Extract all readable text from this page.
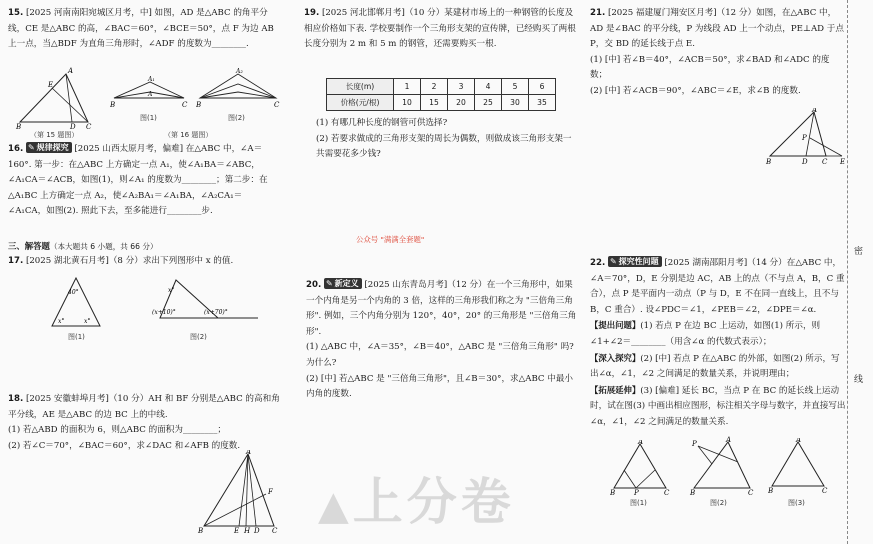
15. [2025 河南南阳宛城区月考，中] 如图，AD 是△ABC 的角平分线，CE 是△ABC 的高，∠BAC＝60°，∠BCE＝50°，点 F 为边 AB 上一点，当△BDF 为直角三角形时，∠ADF 的度数为________.
B
A
E
D C
（第 15 题图）
B
A₁
A
C
图(1)
B
A₂
C
图(2)
（第 16 题图）
16. ✎ 规律探究 [2025 山西太原月考，偏难] 在△ABC 中，∠A＝160°. 第一步：在△ABC 上方确定一点 A₁，使∠A₁BA＝∠ABC，∠A₁CA＝∠ACB，如图(1)，则∠A₁ 的度数为________；第二步：在△A₁BC 上方确定一点 A₂，使∠A₂BA₁＝∠A₁BA，∠A₂CA₁＝∠A₁CA，如图(2). 照此下去，至多能进行________步.
三、解答题（本大题共 6 小题，共 66 分）
17. [2025 湖北黄石月考]（8 分）求出下列图形中 x 的值.
40°
x°	x°
图(1)
x°
(x+10)°	(x+70)°
图(2)
18. [2025 安徽蚌埠月考]（10 分）AH 和 BF 分别是△ABC 的高和角平分线，AE 是△ABC 的边 BC 上的中线.
(1) 若△ABD 的面积为 6，则△ABC 的面积为________；
(2) 若∠C＝70°，∠BAC＝60°，求∠DAC 和∠AFB 的度数.
B
A
F
E H D C
19. [2025 河北邯郸月考]（10 分）某建材市场上的一种钢管的长度及相应价格如下表. 学校要制作一个三角形支架的宣传牌，已经购买了两根长度分别为 2 m 和 5 m 的钢管，还需要购买一根.
长度(m)	1	2	3	4	5	6
价格(元/根)	10	15	20	25	30	35
(1) 有哪几种长度的钢管可供选择?
(2) 若要求做成的三角形支架的周长为偶数，则做成该三角形支架一共需要花多少钱?
20. ✎ 新定义 [2025 山东青岛月考]（12 分）在一个三角形中，如果一个内角是另一个内角的 3 倍，这样的三角形我们称之为 "三倍角三角形". 例如，三个内角分别为 120°，40°，20° 的三角形是 "三倍角三角形".
(1) △ABC 中，∠A＝35°，∠B＝40°，△ABC 是 "三倍角三角形" 吗? 为什么?
(2) [中] 若△ABC 是 "三倍角三角形"，且∠B＝30°，求△ABC 中最小内角的度数.
公众号 "满满全套题"
▲上分卷
21. [2025 福建厦门翔安区月考]（12 分）如图，在△ABC 中，AD 是∠BAC 的平分线，P 为线段 AD 上一个动点，PE⊥AD 于点 P，交 BD 的延长线于点 E.
(1) [中] 若∠B＝40°，∠ACB＝50°，求∠BAD 和∠ADC 的度数；
(2) [中] 若∠ACB＝90°，∠ABC＝∠E，求∠B 的度数.
B
A
P
D C E
22. ✎ 探究性问题 [2025 湖南邵阳月考]（14 分）在△ABC 中，∠A＝70°，D，E 分别是边 AC，AB 上的点（不与点 A，B，C 重合），点 P 是平面内一动点（P 与 D，E 不在同一直线上，且不与 B，C 重合）. 设∠PDC＝∠1，∠PEB＝∠2，∠DPE＝∠α.
【提出问题】(1) 若点 P 在边 BC 上运动，如图(1) 所示，则∠1+∠2＝________（用含∠α 的代数式表示）；
【深入探究】(2) [中] 若点 P 在△ABC 的外部，如图(2) 所示，写出∠α，∠1，∠2 之间满足的数量关系，并说明理由；
【拓展延伸】(3) [偏难] 延长 BC，当点 P 在 BC 的延长线上运动时，试在图(3) 中画出相应图形，标注相关字母与数字，并直接写出∠α，∠1，∠2 之间满足的数量关系.
B
A
P	C
图(1)
B
A
P
C
图(2)
B
A
C
图(3)
密
线
